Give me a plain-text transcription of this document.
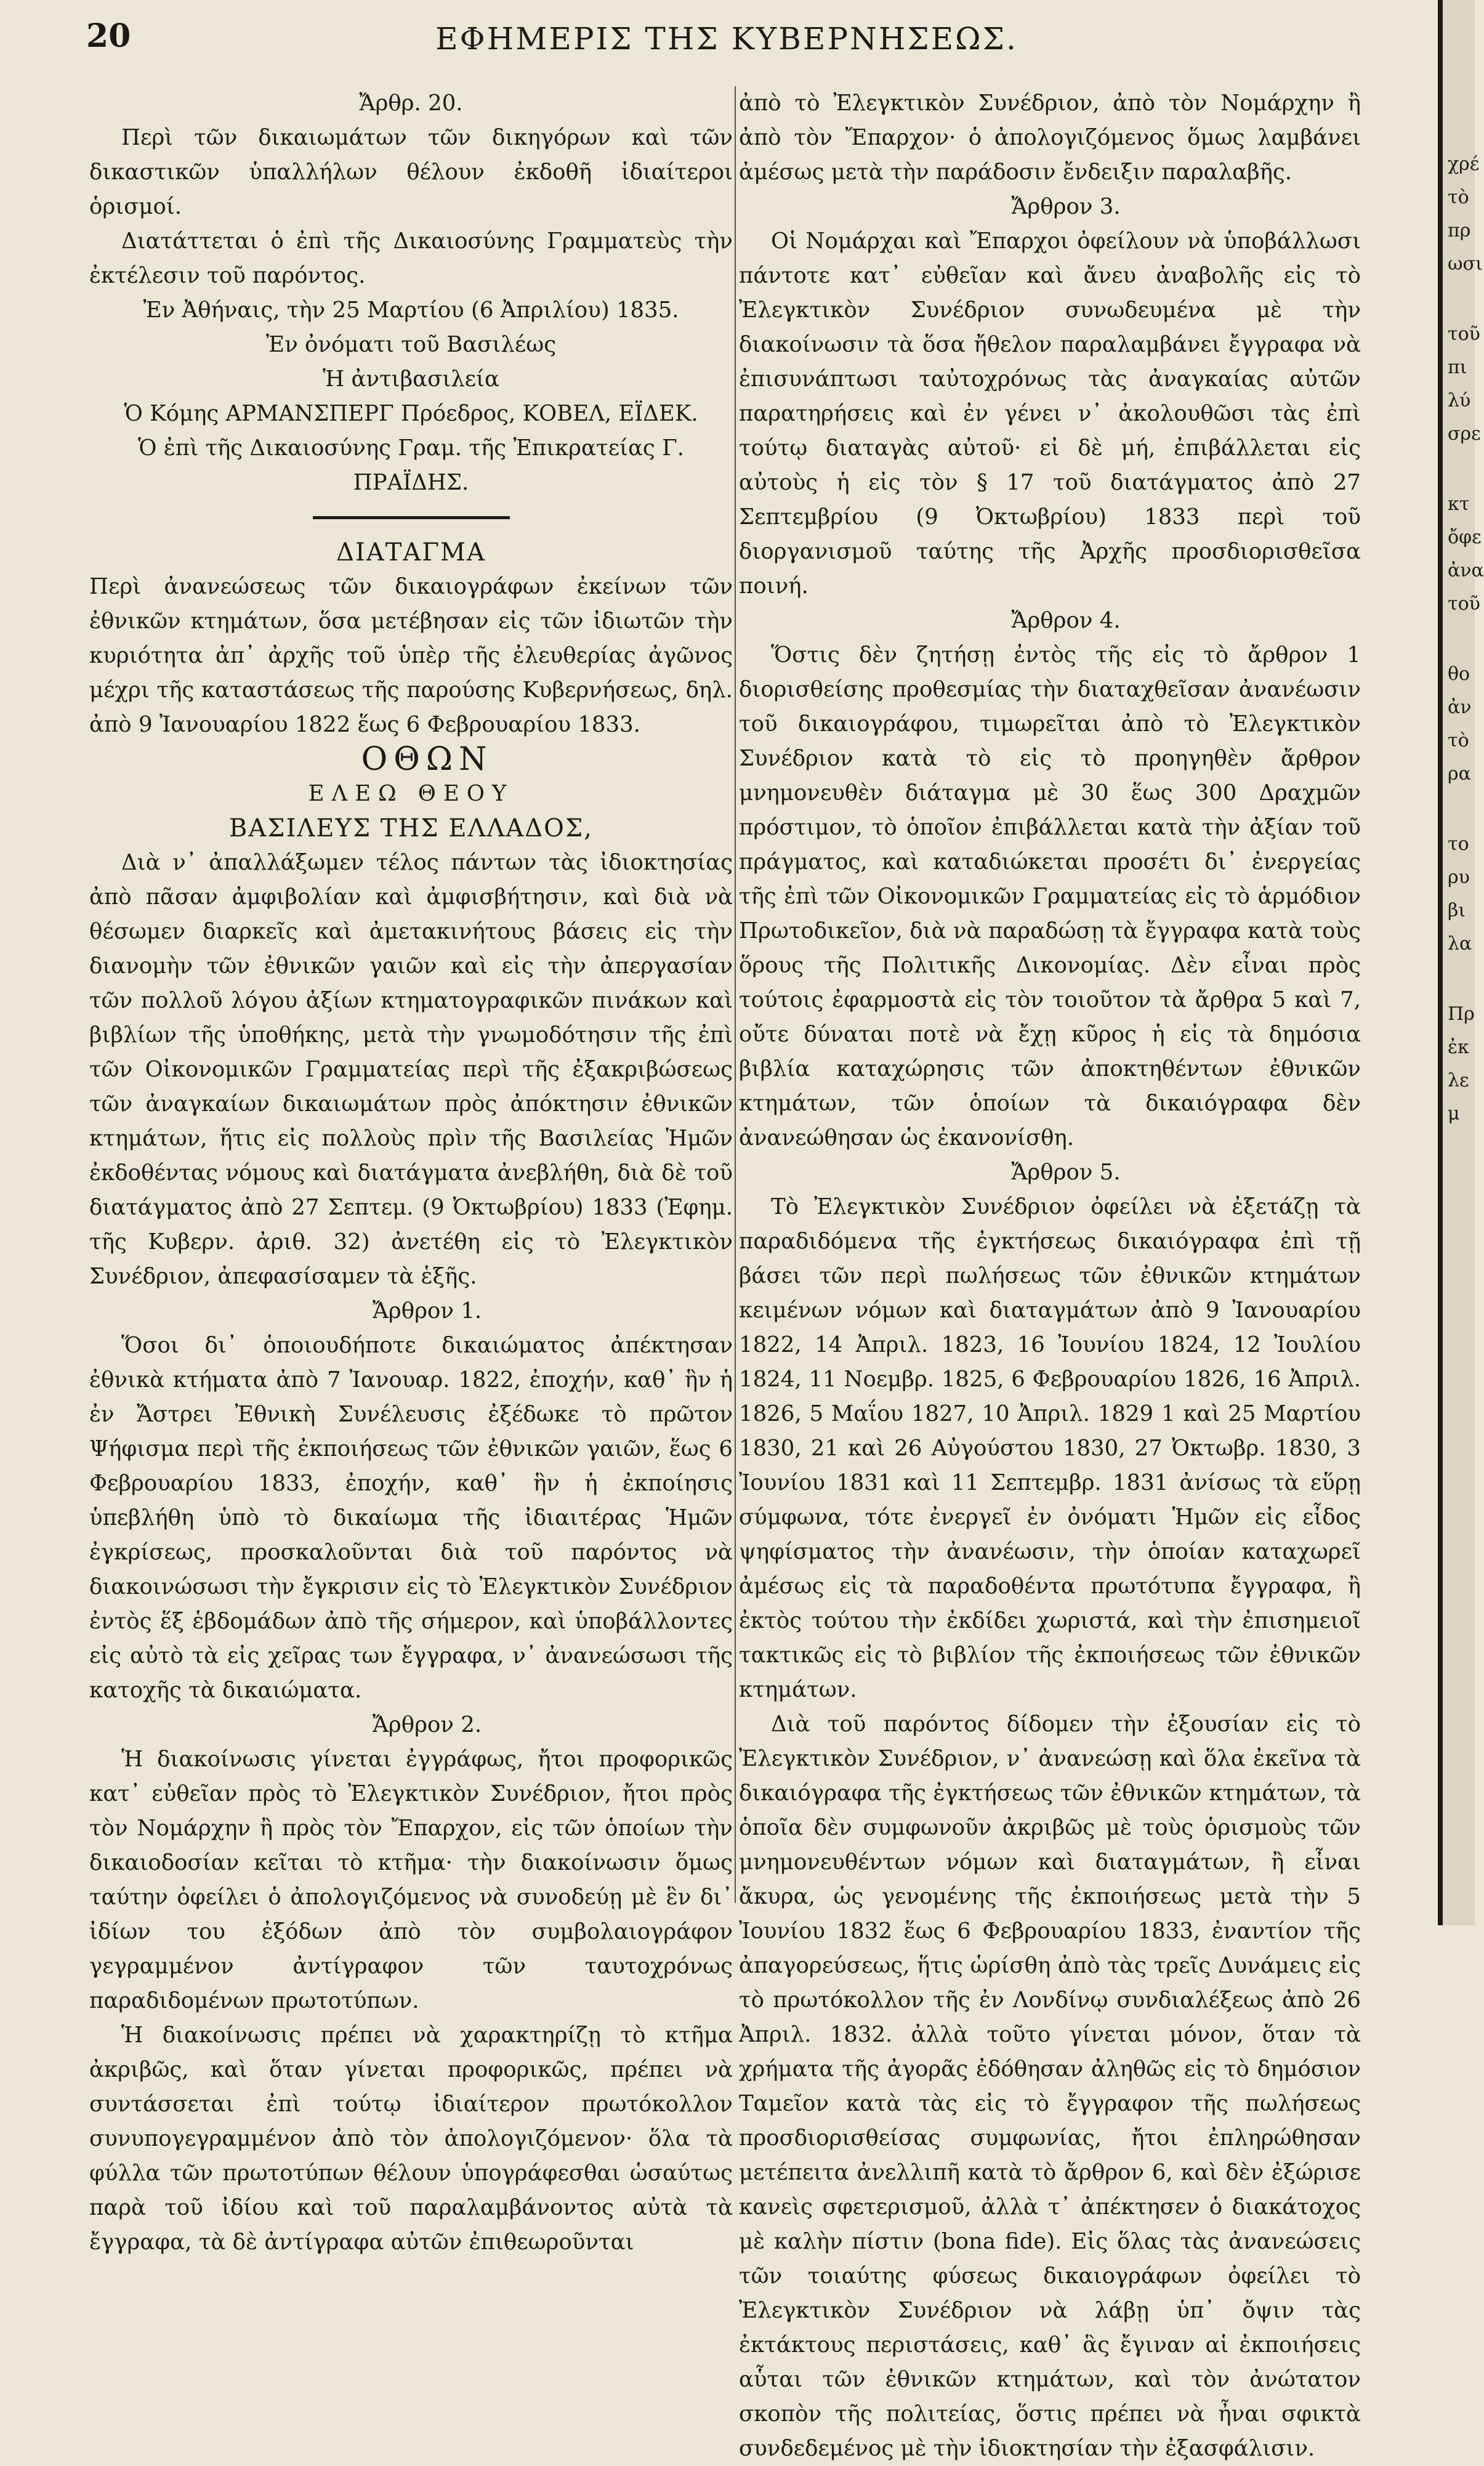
20	ΕΦΗΜΕΡΙΣ ΤΗΣ ΚΥΒΕΡΝΗΣΕΩΣ.

Ἄρθρ. 20.

Περὶ τῶν δικαιωμάτων τῶν δικηγόρων καὶ τῶν δικαστικῶν ὑπαλλήλων θέλουν ἐκδοθῆ ἰδιαίτεροι ὁρισμοί.

Διατάττεται ὁ ἐπὶ τῆς Δικαιοσύνης Γραμματεὺς τὴν ἐκτέλεσιν τοῦ παρόντος.

Ἐν Ἀθήναις, τὴν 25 Μαρτίου (6 Ἀπριλίου) 1835.

Ἐν ὀνόματι τοῦ Βασιλέως

Ἡ ἀντιβασιλεία

Ὁ Κόμης ΑΡΜΑΝΣΠΕΡΓ Πρόεδρος, ΚΟΒΕΛ, ΕΪΔΕΚ.

Ὁ ἐπὶ τῆς Δικαιοσύνης Γραμ. τῆς Ἐπικρατείας Γ. ΠΡΑΪΔΗΣ.

ΔΙΑΤΑΓΜΑ

Περὶ ἀνανεώσεως τῶν δικαιογράφων ἐκείνων τῶν ἐθνικῶν κτημάτων, ὅσα μετέβησαν εἰς τῶν ἰδιωτῶν τὴν κυριότητα ἀπ᾽ ἀρχῆς τοῦ ὑπὲρ τῆς ἐλευθερίας ἀγῶνος μέχρι τῆς καταστάσεως τῆς παρούσης Κυβερνήσεως, δηλ. ἀπὸ 9 Ἰανουαρίου 1822 ἕως 6 Φεβρουαρίου 1833.

ΟΘΩΝ

ΕΛΕΩ ΘΕΟΥ

ΒΑΣΙΛΕΥΣ ΤΗΣ ΕΛΛΑΔΟΣ,

Διὰ ν᾽ ἀπαλλάξωμεν τέλος πάντων τὰς ἰδιοκτησίας ἀπὸ πᾶσαν ἀμφιβολίαν καὶ ἀμφισβήτησιν, καὶ διὰ νὰ θέσωμεν διαρκεῖς καὶ ἀμετακινήτους βάσεις εἰς τὴν διανομὴν τῶν ἐθνικῶν γαιῶν καὶ εἰς τὴν ἀπεργασίαν τῶν πολλοῦ λόγου ἀξίων κτηματογραφικῶν πινάκων καὶ βιβλίων τῆς ὑποθήκης, μετὰ τὴν γνωμοδότησιν τῆς ἐπὶ τῶν Οἰκονομικῶν Γραμματείας περὶ τῆς ἐξακριβώσεως τῶν ἀναγκαίων δικαιωμάτων πρὸς ἀπόκτησιν ἐθνικῶν κτημάτων, ἥτις εἰς πολλοὺς πρὶν τῆς Βασιλείας Ἡμῶν ἐκδοθέντας νόμους καὶ διατάγματα ἀνεβλήθη, διὰ δὲ τοῦ διατάγματος ἀπὸ 27 Σεπτεμ. (9 Ὀκτωβρίου) 1833 (Ἐφημ. τῆς Κυβερν. ἀριθ. 32) ἀνετέθη εἰς τὸ Ἐλεγκτικὸν Συνέδριον, ἀπεφασίσαμεν τὰ ἑξῆς.

Ἄρθρον 1.

Ὅσοι δι᾽ ὁποιουδήποτε δικαιώματος ἀπέκτησαν ἐθνικὰ κτήματα ἀπὸ 7 Ἰανουαρ. 1822, ἐποχήν, καθ᾽ ἣν ἡ ἐν Ἄστρει Ἐθνικὴ Συνέλευσις ἐξέδωκε τὸ πρῶτον Ψήφισμα περὶ τῆς ἐκποιήσεως τῶν ἐθνικῶν γαιῶν, ἕως 6 Φεβρουαρίου 1833, ἐποχήν, καθ᾽ ἣν ἡ ἐκποίησις ὑπεβλήθη ὑπὸ τὸ δικαίωμα τῆς ἰδιαιτέρας Ἡμῶν ἐγκρίσεως, προσκαλοῦνται διὰ τοῦ παρόντος νὰ διακοινώσωσι τὴν ἔγκρισιν εἰς τὸ Ἐλεγκτικὸν Συνέδριον ἐντὸς ἕξ ἑβδομάδων ἀπὸ τῆς σήμερον, καὶ ὑποβάλλοντες εἰς αὐτὸ τὰ εἰς χεῖρας των ἔγγραφα, ν᾽ ἀνανεώσωσι τῆς κατοχῆς τὰ δικαιώματα.

Ἄρθρον 2.

Ἡ διακοίνωσις γίνεται ἐγγράφως, ἤτοι προφορικῶς κατ᾽ εὐθεῖαν πρὸς τὸ Ἐλεγκτικὸν Συνέδριον, ἤτοι πρὸς τὸν Νομάρχην ἢ πρὸς τὸν Ἔπαρχον, εἰς τῶν ὁποίων τὴν δικαιοδοσίαν κεῖται τὸ κτῆμα· τὴν διακοίνωσιν ὅμως ταύτην ὀφείλει ὁ ἀπολογιζόμενος νὰ συνοδεύῃ μὲ ἓν δι᾽ ἰδίων του ἐξόδων ἀπὸ τὸν συμβολαιογράφον γεγραμμένον ἀντίγραφον τῶν ταυτοχρόνως παραδιδομένων πρωτοτύπων.

Ἡ διακοίνωσις πρέπει νὰ χαρακτηρίζῃ τὸ κτῆμα ἀκριβῶς, καὶ ὅταν γίνεται προφορικῶς, πρέπει νὰ συντάσσεται ἐπὶ τούτῳ ἰδιαίτερον πρωτόκολλον συνυπογεγραμμένον ἀπὸ τὸν ἀπολογιζόμενον· ὅλα τὰ φύλλα τῶν πρωτοτύπων θέλουν ὑπογράφεσθαι ὡσαύτως παρὰ τοῦ ἰδίου καὶ τοῦ παραλαμβάνοντος αὐτὰ τὰ ἔγγραφα, τὰ δὲ ἀντίγραφα αὐτῶν ἐπιθεωροῦνται

ἀπὸ τὸ Ἐλεγκτικὸν Συνέδριον, ἀπὸ τὸν Νομάρχην ἢ ἀπὸ τὸν Ἔπαρχον· ὁ ἀπολογιζόμενος ὅμως λαμβάνει ἀμέσως μετὰ τὴν παράδοσιν ἔνδειξιν παραλαβῆς.

Ἄρθρον 3.

Οἱ Νομάρχαι καὶ Ἔπαρχοι ὀφείλουν νὰ ὑποβάλλωσι πάντοτε κατ᾽ εὐθεῖαν καὶ ἄνευ ἀναβολῆς εἰς τὸ Ἐλεγκτικὸν Συνέδριον συνωδευμένα μὲ τὴν διακοίνωσιν τὰ ὅσα ἤθελον παραλαμβάνει ἔγγραφα νὰ ἐπισυνάπτωσι ταὐτοχρόνως τὰς ἀναγκαίας αὐτῶν παρατηρήσεις καὶ ἐν γένει ν᾽ ἀκολουθῶσι τὰς ἐπὶ τούτῳ διαταγὰς αὐτοῦ· εἰ δὲ μή, ἐπιβάλλεται εἰς αὐτοὺς ἡ εἰς τὸν § 17 τοῦ διατάγματος ἀπὸ 27 Σεπτεμβρίου (9 Ὀκτωβρίου) 1833 περὶ τοῦ διοργανισμοῦ ταύτης τῆς Ἀρχῆς προσδιορισθεῖσα ποινή.

Ἄρθρον 4.

Ὅστις δὲν ζητήσῃ ἐντὸς τῆς εἰς τὸ ἄρθρον 1 διορισθείσης προθεσμίας τὴν διαταχθεῖσαν ἀνανέωσιν τοῦ δικαιογράφου, τιμωρεῖται ἀπὸ τὸ Ἐλεγκτικὸν Συνέδριον κατὰ τὸ εἰς τὸ προηγηθὲν ἄρθρον μνημονευθὲν διάταγμα μὲ 30 ἕως 300 Δραχμῶν πρόστιμον, τὸ ὁποῖον ἐπιβάλλεται κατὰ τὴν ἀξίαν τοῦ πράγματος, καὶ καταδιώκεται προσέτι δι᾽ ἐνεργείας τῆς ἐπὶ τῶν Οἰκονομικῶν Γραμματείας εἰς τὸ ἁρμόδιον Πρωτοδικεῖον, διὰ νὰ παραδώσῃ τὰ ἔγγραφα κατὰ τοὺς ὅρους τῆς Πολιτικῆς Δικονομίας. Δὲν εἶναι πρὸς τούτοις ἐφαρμοστὰ εἰς τὸν τοιοῦτον τὰ ἄρθρα 5 καὶ 7, οὔτε δύναται ποτὲ νὰ ἔχῃ κῦρος ἡ εἰς τὰ δημόσια βιβλία καταχώρησις τῶν ἀποκτηθέντων ἐθνικῶν κτημάτων, τῶν ὁποίων τὰ δικαιόγραφα δὲν ἀνανεώθησαν ὡς ἐκανονίσθη.

Ἄρθρον 5.

Τὸ Ἐλεγκτικὸν Συνέδριον ὀφείλει νὰ ἐξετάζῃ τὰ παραδιδόμενα τῆς ἐγκτήσεως δικαιόγραφα ἐπὶ τῇ βάσει τῶν περὶ πωλήσεως τῶν ἐθνικῶν κτημάτων κειμένων νόμων καὶ διαταγμάτων ἀπὸ 9 Ἰανουαρίου 1822, 14 Ἀπριλ. 1823, 16 Ἰουνίου 1824, 12 Ἰουλίου 1824, 11 Νοεμβρ. 1825, 6 Φεβρουαρίου 1826, 16 Ἀπριλ. 1826, 5 Μαΐου 1827, 10 Ἀπριλ. 1829 1 καὶ 25 Μαρτίου 1830, 21 καὶ 26 Αὐγούστου 1830, 27 Ὀκτωβρ. 1830, 3 Ἰουνίου 1831 καὶ 11 Σεπτεμβρ. 1831 ἀνίσως τὰ εὕρῃ σύμφωνα, τότε ἐνεργεῖ ἐν ὀνόματι Ἡμῶν εἰς εἶδος ψηφίσματος τὴν ἀνανέωσιν, τὴν ὁποίαν καταχωρεῖ ἀμέσως εἰς τὰ παραδοθέντα πρωτότυπα ἔγγραφα, ἢ ἐκτὸς τούτου τὴν ἐκδίδει χωριστά, καὶ τὴν ἐπισημειοῖ τακτικῶς εἰς τὸ βιβλίον τῆς ἐκποιήσεως τῶν ἐθνικῶν κτημάτων.

Διὰ τοῦ παρόντος δίδομεν τὴν ἐξουσίαν εἰς τὸ Ἐλεγκτικὸν Συνέδριον, ν᾽ ἀνανεώσῃ καὶ ὅλα ἐκεῖνα τὰ δικαιόγραφα τῆς ἐγκτήσεως τῶν ἐθνικῶν κτημάτων, τὰ ὁποῖα δὲν συμφωνοῦν ἀκριβῶς μὲ τοὺς ὁρισμοὺς τῶν μνημονευθέντων νόμων καὶ διαταγμάτων, ἢ εἶναι ἄκυρα, ὡς γενομένης τῆς ἐκποιήσεως μετὰ τὴν 5 Ἰουνίου 1832 ἕως 6 Φεβρουαρίου 1833, ἐναντίον τῆς ἀπαγορεύσεως, ἥτις ὡρίσθη ἀπὸ τὰς τρεῖς Δυνάμεις εἰς τὸ πρωτόκολλον τῆς ἐν Λονδίνῳ συνδιαλέξεως ἀπὸ 26 Ἀπριλ. 1832. ἀλλὰ τοῦτο γίνεται μόνον, ὅταν τὰ χρήματα τῆς ἀγορᾶς ἐδόθησαν ἀληθῶς εἰς τὸ δημόσιον Ταμεῖον κατὰ τὰς εἰς τὸ ἔγγραφον τῆς πωλήσεως προσδιορισθείσας συμφωνίας, ἤτοι ἐπληρώθησαν μετέπειτα ἀνελλιπῆ κατὰ τὸ ἄρθρον 6, καὶ δὲν ἐξώρισε κανεὶς σφετερισμοῦ, ἀλλὰ τ᾽ ἀπέκτησεν ὁ διακάτοχος μὲ καλὴν πίστιν (bona fide). Εἰς ὅλας τὰς ἀνανεώσεις τῶν τοιαύτης φύσεως δικαιογράφων ὀφείλει τὸ Ἐλεγκτικὸν Συνέδριον νὰ λάβῃ ὑπ᾽ ὄψιν τὰς ἐκτάκτους περιστάσεις, καθ᾽ ἃς ἔγιναν αἱ ἐκποιήσεις αὗται τῶν ἐθνικῶν κτημάτων, καὶ τὸν ἀνώτατον σκοπὸν τῆς πολιτείας, ὅστις πρέπει νὰ ἦναι σφικτὰ συνδεδεμένος μὲ τὴν ἰδιοκτησίαν τὴν ἐξασφάλισιν.

χρέ
τὸ
πρ
ωσι
τοῦ
πι
λύ
σρε
κτ
ὄφε
ἀνα
τοῦ
θο
ἀν
τὸ
ρα
το
ρυ
βι
λα
Πρ
ἐκ
λε
μ
